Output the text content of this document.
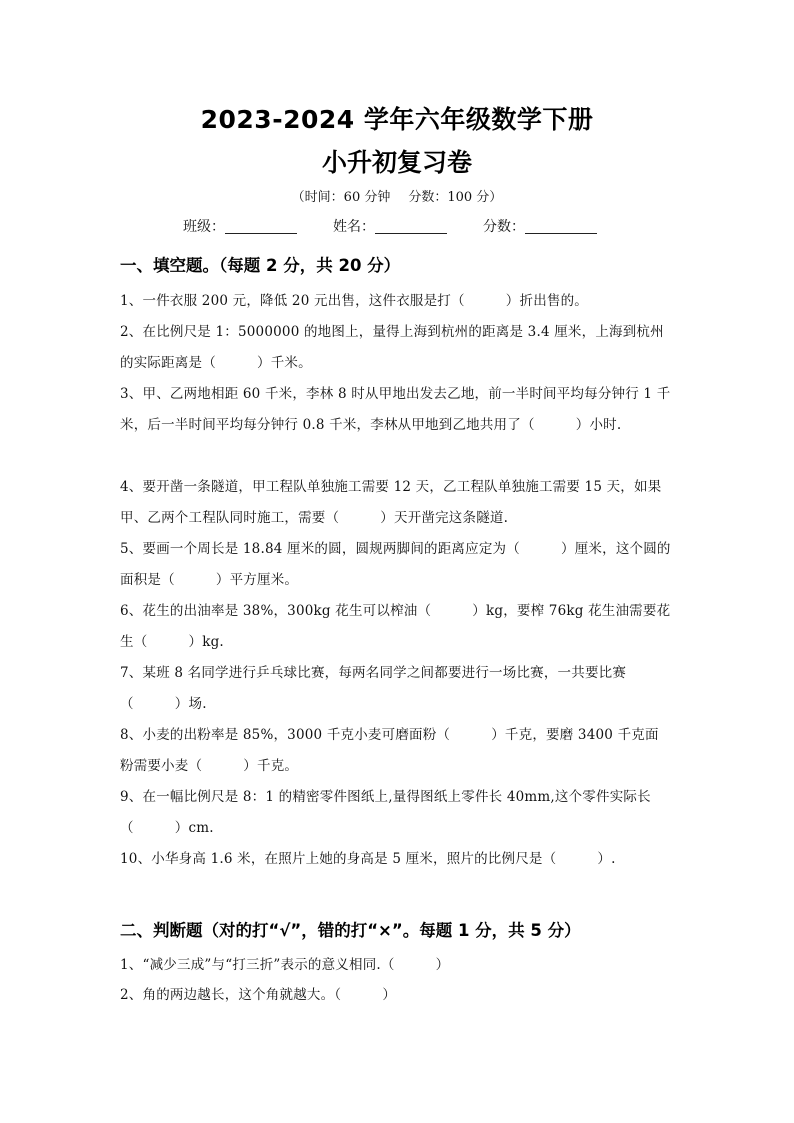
2023-2024 学年六年级数学下册
小升初复习卷
（时间：60 分钟 分数：100 分）
班级：	姓名：	分数：
一、填空题。（每题 2 分，共 20 分）
1、一件衣服 200 元，降低 20 元出售，这件衣服是打（　　　）折出售的。
2、在比例尺是 1：5000000 的地图上，量得上海到杭州的距离是 3.4 厘米，上海到杭州的实际距离是（　　　）千米。
3、甲、乙两地相距 60 千米，李林 8 时从甲地出发去乙地，前一半时间平均每分钟行 1 千米，后一半时间平均每分钟行 0.8 千米，李林从甲地到乙地共用了（　　　）小时.
4、要开凿一条隧道，甲工程队单独施工需要 12 天，乙工程队单独施工需要 15 天，如果甲、乙两个工程队同时施工，需要（　　　）天开凿完这条隧道.
5、要画一个周长是 18.84 厘米的圆，圆规两脚间的距离应定为（　　　）厘米，这个圆的面积是（　　　）平方厘米。
6、花生的出油率是 38%，300kg 花生可以榨油（　　　）kg，要榨 76kg 花生油需要花生（　　　）kg.
7、某班 8 名同学进行乒乓球比赛，每两名同学之间都要进行一场比赛，一共要比赛（　　　）场.
8、小麦的出粉率是 85%，3000 千克小麦可磨面粉（　　　）千克，要磨 3400 千克面粉需要小麦（　　　）千克。
9、在一幅比例尺是 8：1 的精密零件图纸上,量得图纸上零件长 40mm,这个零件实际长（　　　）cm.
10、小华身高 1.6 米，在照片上她的身高是 5 厘米，照片的比例尺是（　　　）.
二、判断题（对的打“√”，错的打“×”。每题 1 分，共 5 分）
1、“减少三成”与“打三折”表示的意义相同.（　　　）
2、角的两边越长，这个角就越大。（　　　）
